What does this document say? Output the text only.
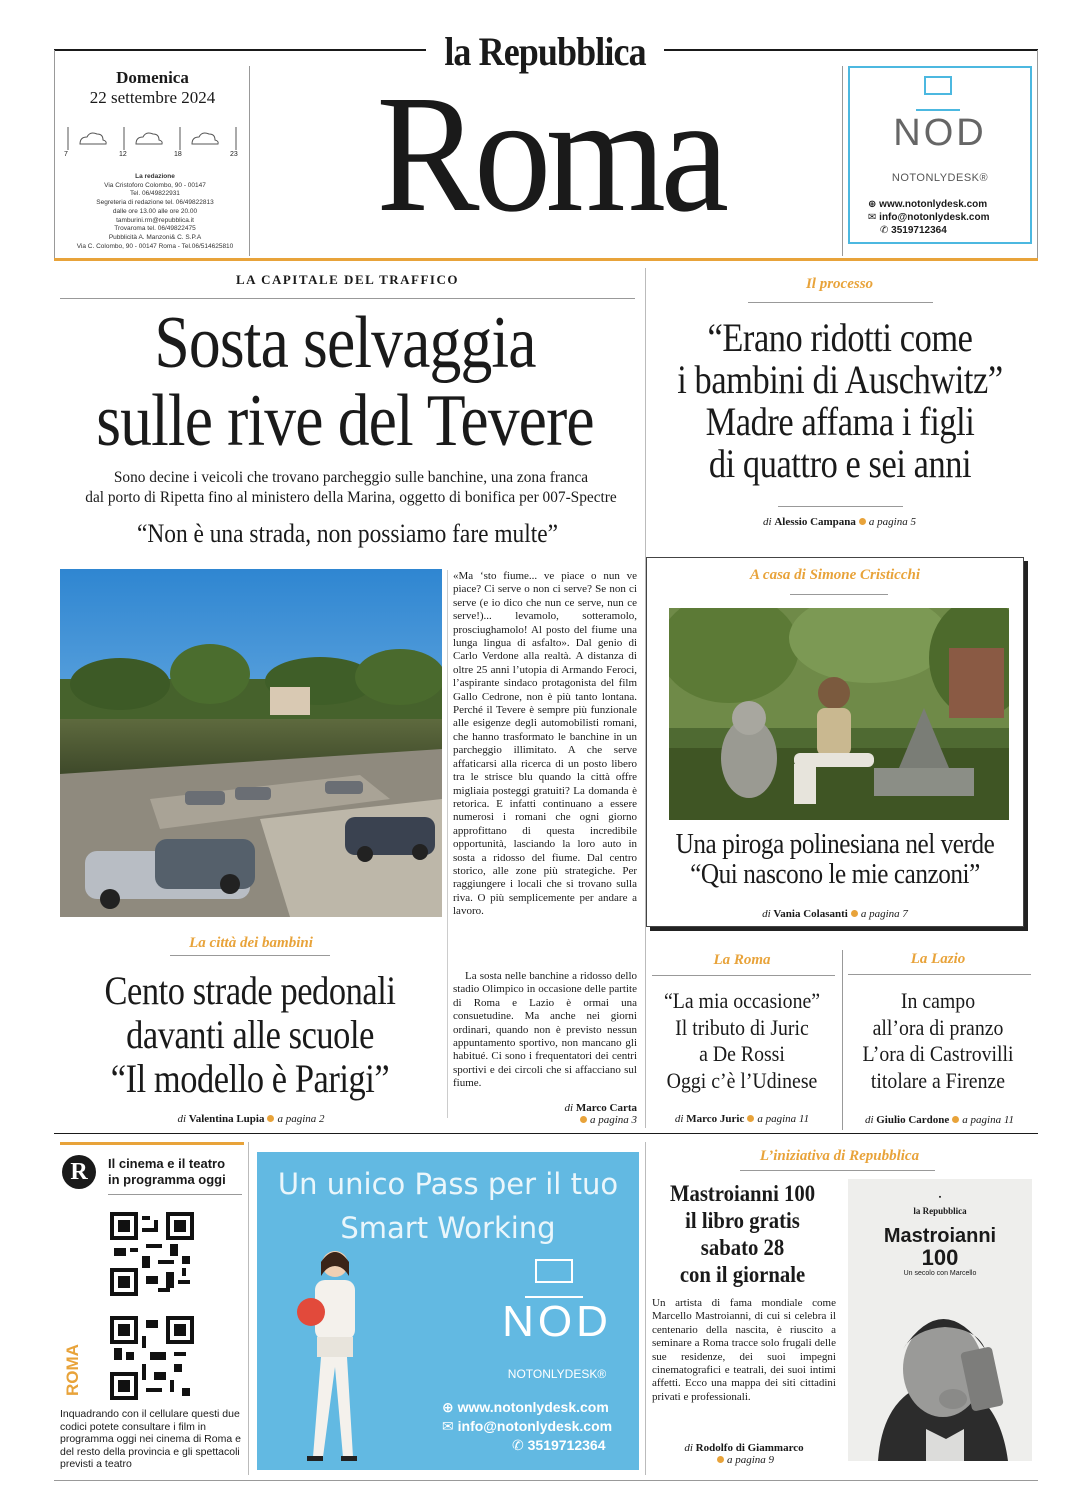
la Repubblica
Domenica
22 settembre 2024
7	12	18	23
La redazione
Via Cristoforo Colombo, 90 - 00147
Tel. 06/49822931
Segreteria di redazione tel. 06/49822813
dalle ore 13.00 alle ore 20.00
tamburini.rm@repubblica.it
Trovaroma tel. 06/49822475
Pubblicità A. Manzoni& C. S.P.A
Via C. Colombo, 90 - 00147 Roma - Tel.06/514625810 Roma	NOD
NOTONLYDESK®
⊕ www.notonlydesk.com
✉ info@notonlydesk.com
✆ 3519712364
LA CAPITALE DEL TRAFFICO
Sosta selvaggia
sulle rive del Tevere
Sono decine i veicoli che trovano parcheggio sulle banchine, una zona franca
dal porto di Ripetta fino al ministero della Marina, oggetto di bonifica per 007-Spectre
“Non è una strada, non possiamo fare multe”
«Ma ‘sto fiume... ve piace o nun ve piace? Ci serve o non ci serve? Se non ci serve (e io dico che nun ce serve, nun ce serve!)... levamolo, sotteramolo, prosciughamolo! Al posto del fiume una lunga lingua di asfalto». Dal genio di Carlo Verdone alla realtà. A distanza di oltre 25 anni l’utopia di Armando Feroci, l’aspirante sindaco protagonista del film Gallo Cedrone, non è più tanto lontana. Perché il Tevere è sempre più funzionale alle esigenze degli automobilisti romani, che hanno trasformato le banchine in un parcheggio illimitato. A che serve affaticarsi alla ricerca di un posto libero tra le strisce blu quando la città offre migliaia posteggi gratuiti? La domanda è retorica. E infatti continuano a essere numerosi i romani che ogni giorno approfittano di questa incredibile opportunità, lasciando la loro auto in sosta a ridosso del fiume. Dal centro storico, alle zone più strategiche. Per raggiungere i locali che si trovano sulla riva. O più semplicemente per andare a lavoro.
La sosta nelle banchine a ridosso dello stadio Olimpico in occasione delle partite di Roma e Lazio è ormai una consuetudine. Ma anche nei giorni ordinari, quando non è previsto nessun appuntamento sportivo, non mancano gli habitué. Ci sono i frequentatori dei centri sportivi e dei circoli che si affacciano sul fiume.
di Marco Carta
a pagina 3
La città dei bambini
Cento strade pedonali
davanti alle scuole
“Il modello è Parigi”
di Valentina Lupia a pagina 2
Il processo
“Erano ridotti come
i bambini di Auschwitz”
Madre affama i figli
di quattro e sei anni
di Alessio Campana a pagina 5
A casa di Simone Cristicchi
Una piroga polinesiana nel verde
“Qui nascono le mie canzoni”
di Vania Colasanti a pagina 7
La Roma
“La mia occasione”
Il tributo di Juric
a De Rossi
Oggi c’è l’Udinese
di Marco Juric a pagina 11
La Lazio
In campo
all’ora di pranzo
L’ora di Castrovilli
titolare a Firenze
di Giulio Cardone a pagina 11
R	Il cinema e il teatro
in programma oggi
ROMA
Inquadrando con il cellulare questi due codici potete consultare i film in programma oggi nei cinema di Roma e del resto della provincia e gli spettacoli previsti a teatro
Un unico Pass per il tuo
Smart Working
NOD
NOTONLYDESK®
⊕ www.notonlydesk.com
✉ info@notonlydesk.com
✆ 3519712364
L’iniziativa di Repubblica
Mastroianni 100
il libro gratis
sabato 28
con il giornale
Un artista di fama mondiale come Marcello Mastroianni, di cui si celebra il centenario della nascita, è riuscito a seminare a Roma tracce solo frugali delle sue residenze, dei suoi impegni cinematografici e teatrali, dei suoi intimi affetti. Ecco una mappa dei siti cittadini privati e professionali.
di Rodolfo di Giammarco
a pagina 9
▪
la Repubblica
Mastroianni
100
Un secolo con Marcello
